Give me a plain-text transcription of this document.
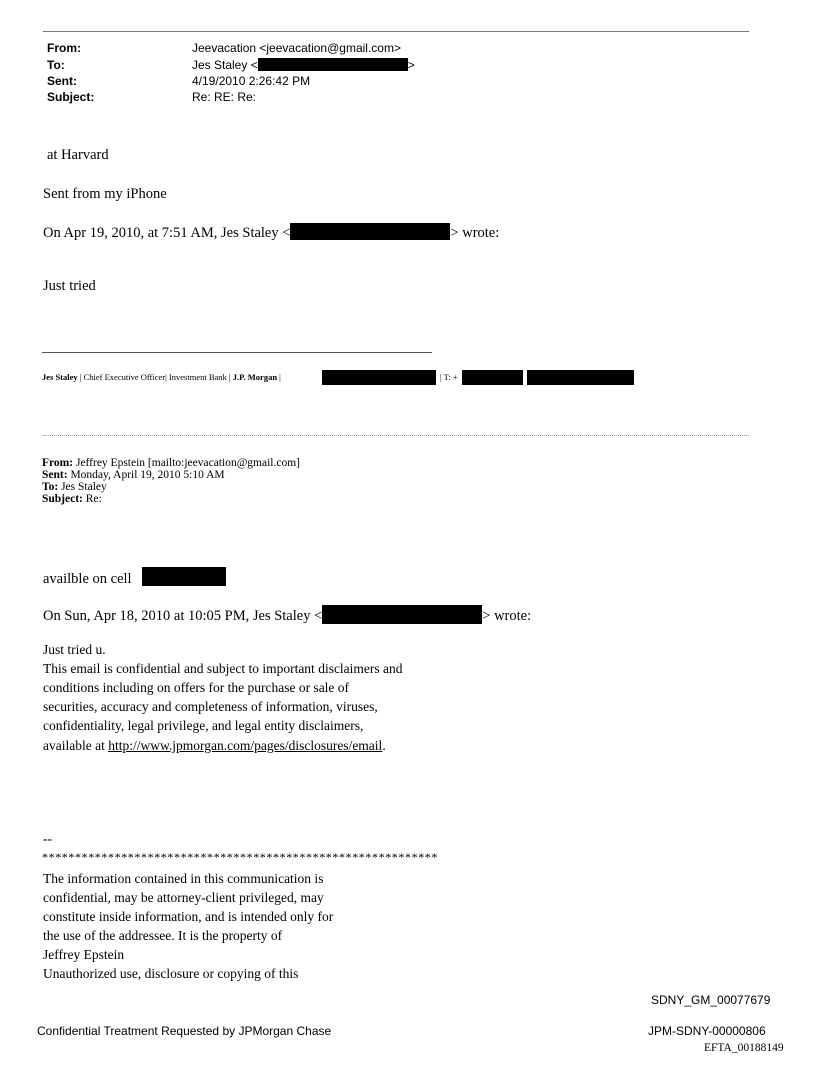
From:	Jeevacation <jeevacation@gmail.com>
To:	Jes Staley <	>
Sent:	4/19/2010 2:26:42 PM
Subject:	Re: RE: Re:
at Harvard
Sent from my iPhone
On Apr 19, 2010, at 7:51 AM, Jes Staley <	> wrote:
Just tried
Jes Staley | Chief Executive Officer| Investment Bank | J.P. Morgan |	| T: +
From: Jeffrey Epstein [mailto:jeevacation@gmail.com]
Sent: Monday, April 19, 2010 5:10 AM
To: Jes Staley
Subject: Re:
availble on cell
On Sun, Apr 18, 2010 at 10:05 PM, Jes Staley <	> wrote:
Just tried u.
This email is confidential and subject to important disclaimers and
conditions including on offers for the purchase or sale of
securities, accuracy and completeness of information, viruses,
confidentiality, legal privilege, and legal entity disclaimers,
available at http://www.jpmorgan.com/pages/disclosures/email.
--
************************************************************
The information contained in this communication is
confidential, may be attorney-client privileged, may
constitute inside information, and is intended only for
the use of the addressee. It is the property of
Jeffrey Epstein
Unauthorized use, disclosure or copying of this
SDNY_GM_00077679
Confidential Treatment Requested by JPMorgan Chase	JPM-SDNY-00000806
EFTA_00188149
